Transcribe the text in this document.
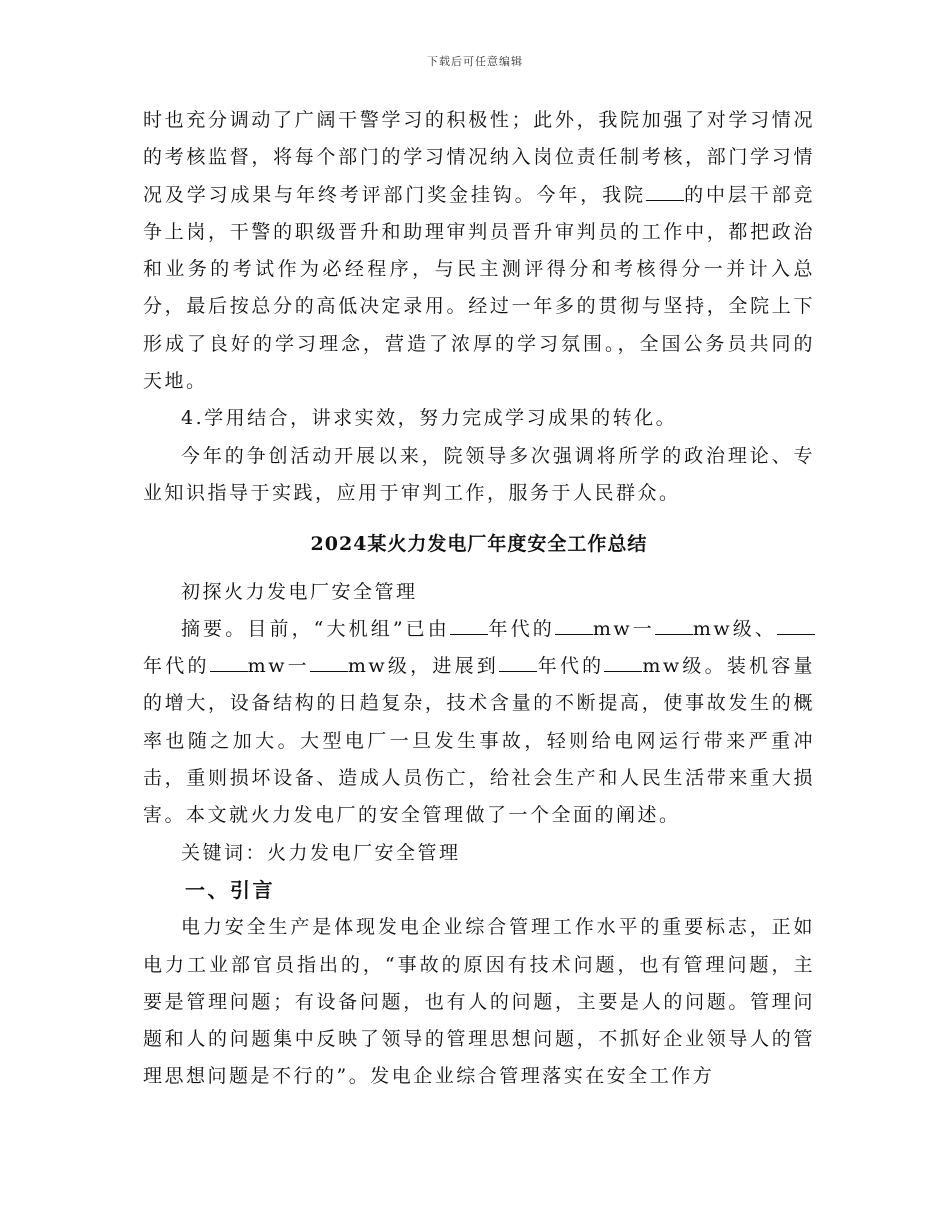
下载后可任意编辑

时也充分调动了广阔干警学习的积极性；此外，我院加强了对学习情况的考核监督，将每个部门的学习情况纳入岗位责任制考核，部门学习情况及学习成果与年终考评部门奖金挂钩。今年，我院 的中层干部竞争上岗，干警的职级晋升和助理审判员晋升审判员的工作中，都把政治和业务的考试作为必经程序，与民主测评得分和考核得分一并计入总分，最后按总分的高低决定录用。经过一年多的贯彻与坚持，全院上下形成了良好的学习理念，营造了浓厚的学习氛围。，全国公务员共同的天地。

4.学用结合，讲求实效，努力完成学习成果的转化。

今年的争创活动开展以来，院领导多次强调将所学的政治理论、专业知识指导于实践，应用于审判工作，服务于人民群众。

2024某火力发电厂年度安全工作总结

初探火力发电厂安全管理

摘要。目前，“大机组”已由 年代的 mw一 mw级、年代的 mw一 mw级，进展到 年代的 mw级。装机容量的增大，设备结构的日趋复杂，技术含量的不断提高，使事故发生的概率也随之加大。大型电厂一旦发生事故，轻则给电网运行带来严重冲击，重则损坏设备、造成人员伤亡，给社会生产和人民生活带来重大损害。本文就火力发电厂的安全管理做了一个全面的阐述。

关键词：火力发电厂安全管理

一、引言

电力安全生产是体现发电企业综合管理工作水平的重要标志，正如电力工业部官员指出的，“事故的原因有技术问题，也有管理问题，主要是管理问题；有设备问题，也有人的问题，主要是人的问题。管理问题和人的问题集中反映了领导的管理思想问题，不抓好企业领导人的管理思想问题是不行的”。发电企业综合管理落实在安全工作方
